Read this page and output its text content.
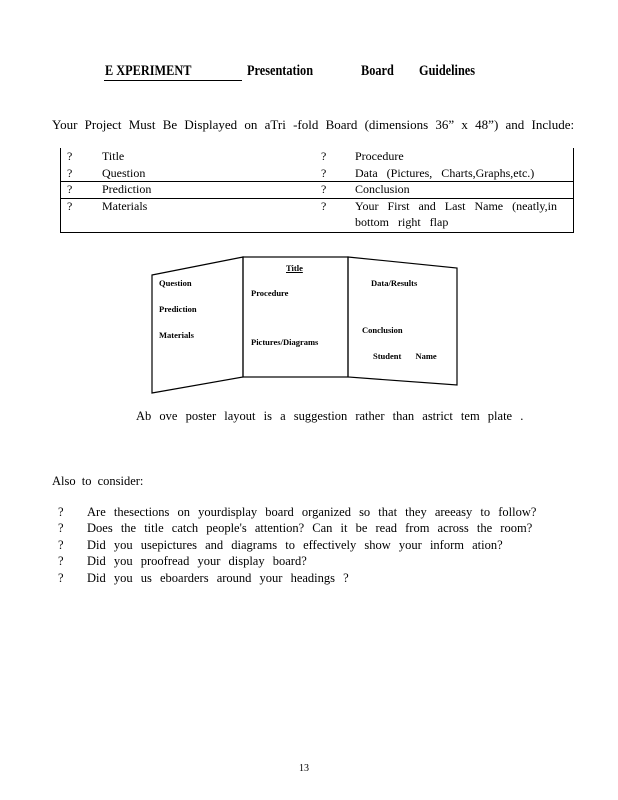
E XPERIMENT	Presentation	Board Guidelines
Your Project Must Be Displayed on aTri -fold Board (dimensions 36” x 48”) and Include:
? Title	? Procedure
? Question	? Data (Pictures, Charts,Graphs,etc.)
? Prediction	? Conclusion
? Materials	? Your First and Last Name (neatly,in
bottom right flap
Question
Prediction
Materials
Title
Procedure
Pictures/Diagrams
Data/Results
Conclusion
Student Name
Ab ove poster layout is a suggestion rather than astrict tem plate .
Also to consider:
? Are thesections on yourdisplay board organized so that they areeasy to follow?
? Does the title catch people's attention? Can it be read from across the room?
? Did you usepictures and diagrams to effectively show your inform ation?
? Did you proofread your display board?
? Did you us eboarders around your headings ?
13
